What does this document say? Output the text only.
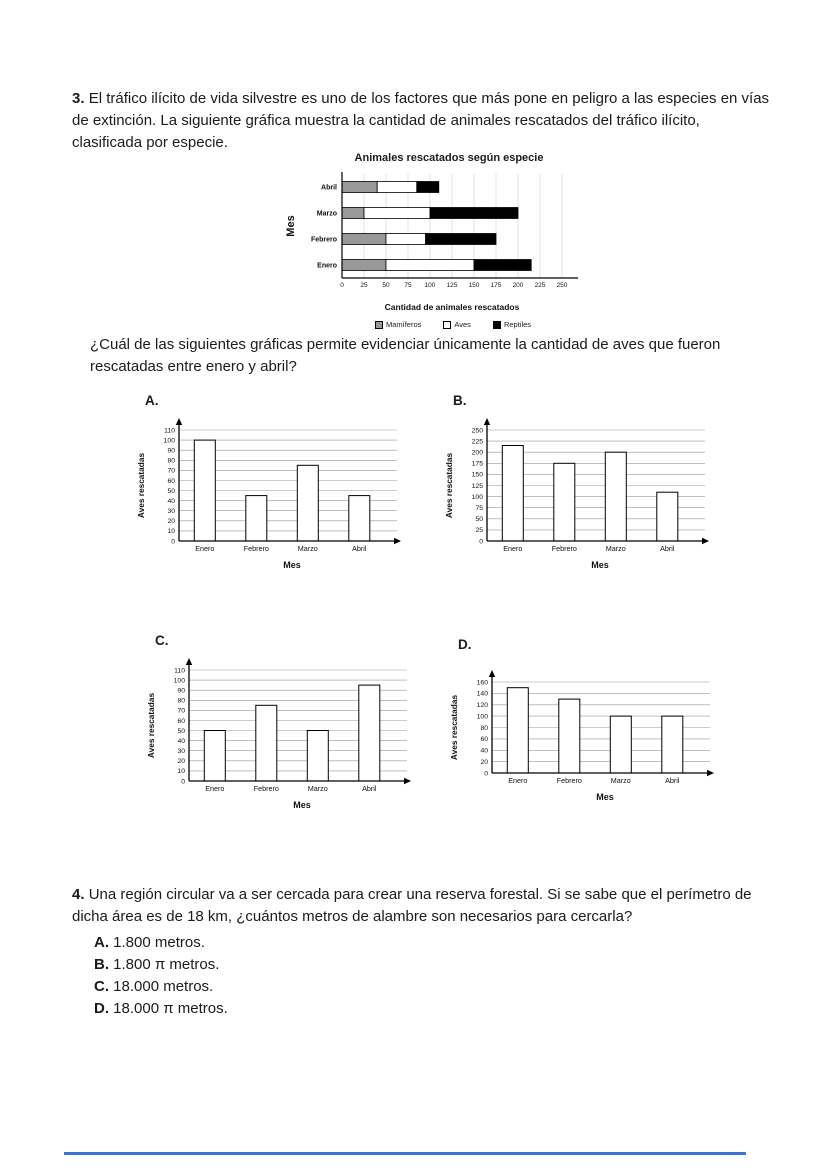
3. El tráfico ilícito de vida silvestre es uno de los factores que más pone en peligro a las especies en vías de extinción. La siguiente gráfica muestra la cantidad de animales rescatados del tráfico ilícito, clasificada por especie.

Animales rescatados según especie
0	25 50 75 100 125 150 175 200 225 250
Enero
Febrero
Marzo
Abril
Mes
Cantidad de animales rescatados
Mamíferos	Aves	Reptiles

¿Cuál de las siguientes gráficas permite evidenciar únicamente la cantidad de aves que fueron rescatadas entre enero y abril?

A.
0
10
20
30
40
50
60
70
80
90
100
110
Enero	Febrero	Marzo	Abril
Aves rescatadas
Mes
B.
0
25
50
75
100
125
150
175
200
225
250
Enero	Febrero	Marzo	Abril
Aves rescatadas
Mes
C.
0
10
20
30
40
50
60
70
80
90
100
110
Enero	Febrero	Marzo	Abril
Aves rescatadas
Mes
D.
0
20
40
60
80
100
120
140
160
Enero	Febrero	Marzo	Abril
Aves rescatadas
Mes

4. Una región circular va a ser cercada para crear una reserva forestal. Si se sabe que el perímetro de dicha área es de 18 km, ¿cuántos metros de alambre son necesarios para cercarla?

A. 1.800 metros.
B. 1.800 π metros.
C. 18.000 metros.
D. 18.000 π metros.
